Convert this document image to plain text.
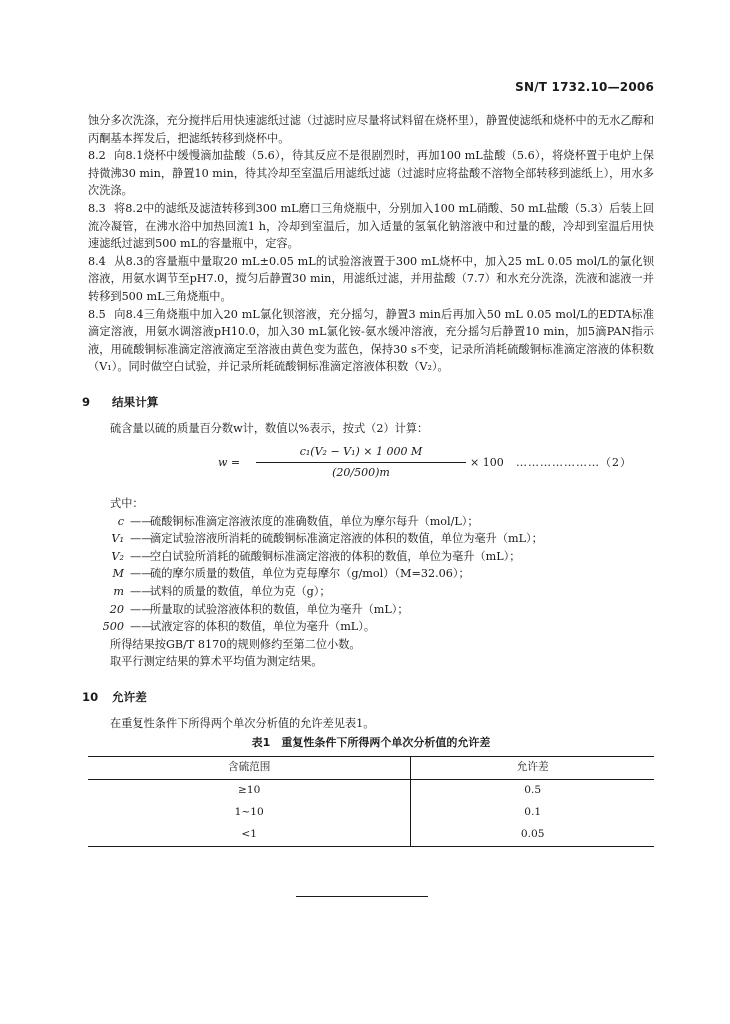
SN/T 1732.10—2006

蚀分多次洗涤，充分搅拌后用快速滤纸过滤（过滤时应尽量将试料留在烧杯里），静置使滤纸和烧杯中的无水乙醇和丙酮基本挥发后，把滤纸转移到烧杯中。

8.2 向8.1烧杯中缓慢滴加盐酸（5.6），待其反应不是很剧烈时，再加100 mL盐酸（5.6），将烧杯置于电炉上保持微沸30 min，静置10 min，待其冷却至室温后用滤纸过滤（过滤时应将盐酸不溶物全部转移到滤纸上），用水多次洗涤。

8.3 将8.2中的滤纸及滤渣转移到300 mL磨口三角烧瓶中，分别加入100 mL硝酸、50 mL盐酸（5.3）后装上回流冷凝管，在沸水浴中加热回流1 h，冷却到室温后，加入适量的氢氧化钠溶液中和过量的酸，冷却到室温后用快速滤纸过滤到500 mL的容量瓶中，定容。

8.4 从8.3的容量瓶中量取20 mL±0.05 mL的试验溶液置于300 mL烧杯中，加入25 mL 0.05 mol/L的氯化钡溶液，用氨水调节至pH7.0，搅匀后静置30 min，用滤纸过滤，并用盐酸（7.7）和水充分洗涤，洗液和滤液一并转移到500 mL三角烧瓶中。

8.5 向8.4三角烧瓶中加入20 mL氯化钡溶液，充分摇匀，静置3 min后再加入50 mL 0.05 mol/L的EDTA标准滴定溶液，用氨水调溶液pH10.0，加入30 mL氯化铵-氨水缓冲溶液，充分摇匀后静置10 min，加5滴PAN指示液，用硫酸铜标准滴定溶液滴定至溶液由黄色变为蓝色，保持30 s不变，记录所消耗硫酸铜标准滴定溶液的体积数（V₁）。同时做空白试验，并记录所耗硫酸铜标准滴定溶液体积数（V₂）。

9 结果计算

硫含量以硫的质量百分数w计，数值以%表示，按式（2）计算：

$w = \frac{\text{c₁(V₂ − V₁) × 1 000 M}}{(20/500)m} \times 100$ …………………（2）

式中：

c ——
硫酸铜标准滴定溶液浓度的准确数值，单位为摩尔每升（mol/L）；
V₁ ——
滴定试验溶液所消耗的硫酸铜标准滴定溶液的体积的数值，单位为毫升（mL）；
V₂ ——
空白试验所消耗的硫酸铜标准滴定溶液的体积的数值，单位为毫升（mL）；
M ——
硫的摩尔质量的数值，单位为克每摩尔（g/mol）（M=32.06）；
m ——
试料的质量的数值，单位为克（g）；
20 ——
所量取的试验溶液体积的数值，单位为毫升（mL）；
500 ——
试液定容的体积的数值，单位为毫升（mL）。

所得结果按GB/T 8170的规则修约至第二位小数。

取平行测定结果的算术平均值为测定结果。

10 允许差

在重复性条件下所得两个单次分析值的允许差见表1。

表1　重复性条件下所得两个单次分析值的允许差
含硫范围	允许差
≥10	0.5
1~10	0.1
<1	0.05
